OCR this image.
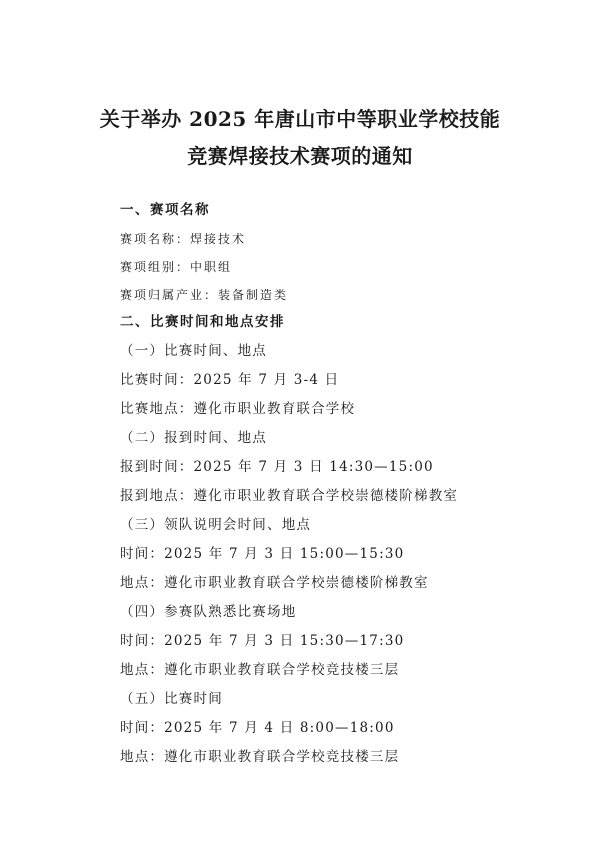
关于举办 2025 年唐山市中等职业学校技能
竞赛焊接技术赛项的通知
一、赛项名称
赛项名称：焊接技术
赛项组别：中职组
赛项归属产业：装备制造类
二、比赛时间和地点安排
（一）比赛时间、地点
比赛时间：2025 年 7 月 3-4 日
比赛地点：遵化市职业教育联合学校
（二）报到时间、地点
报到时间：2025 年 7 月 3 日 14:30—15:00
报到地点：遵化市职业教育联合学校崇德楼阶梯教室
（三）领队说明会时间、地点
时间：2025 年 7 月 3 日 15:00—15:30
地点：遵化市职业教育联合学校崇德楼阶梯教室
（四）参赛队熟悉比赛场地
时间：2025 年 7 月 3 日 15:30—17:30
地点：遵化市职业教育联合学校竞技楼三层
（五）比赛时间
时间：2025 年 7 月 4 日 8:00—18:00
地点：遵化市职业教育联合学校竞技楼三层
